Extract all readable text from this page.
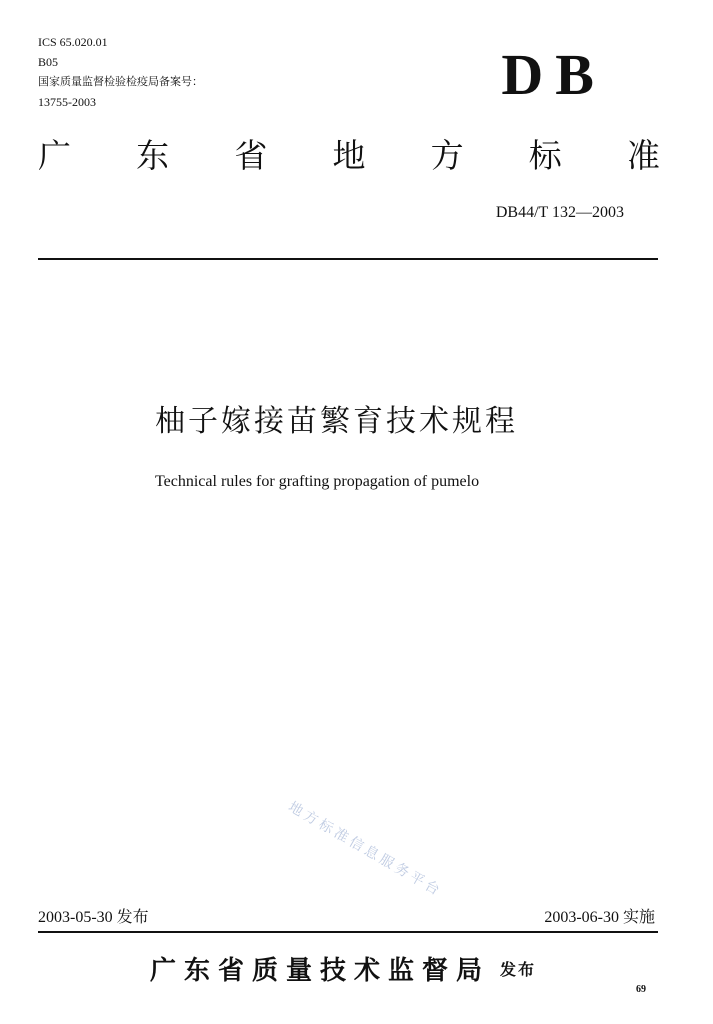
ICS 65.020.01
B05
国家质量监督检验检疫局备案号：
13755-2003	DB
广 东 省 地 方 标 准
DB44/T 132—2003
柚子嫁接苗繁育技术规程
Technical rules for grafting propagation of pumelo
地方标准信息服务平台
2003-05-30 发布	2003-06-30 实施
广东省质量技术监督局 发布
69
